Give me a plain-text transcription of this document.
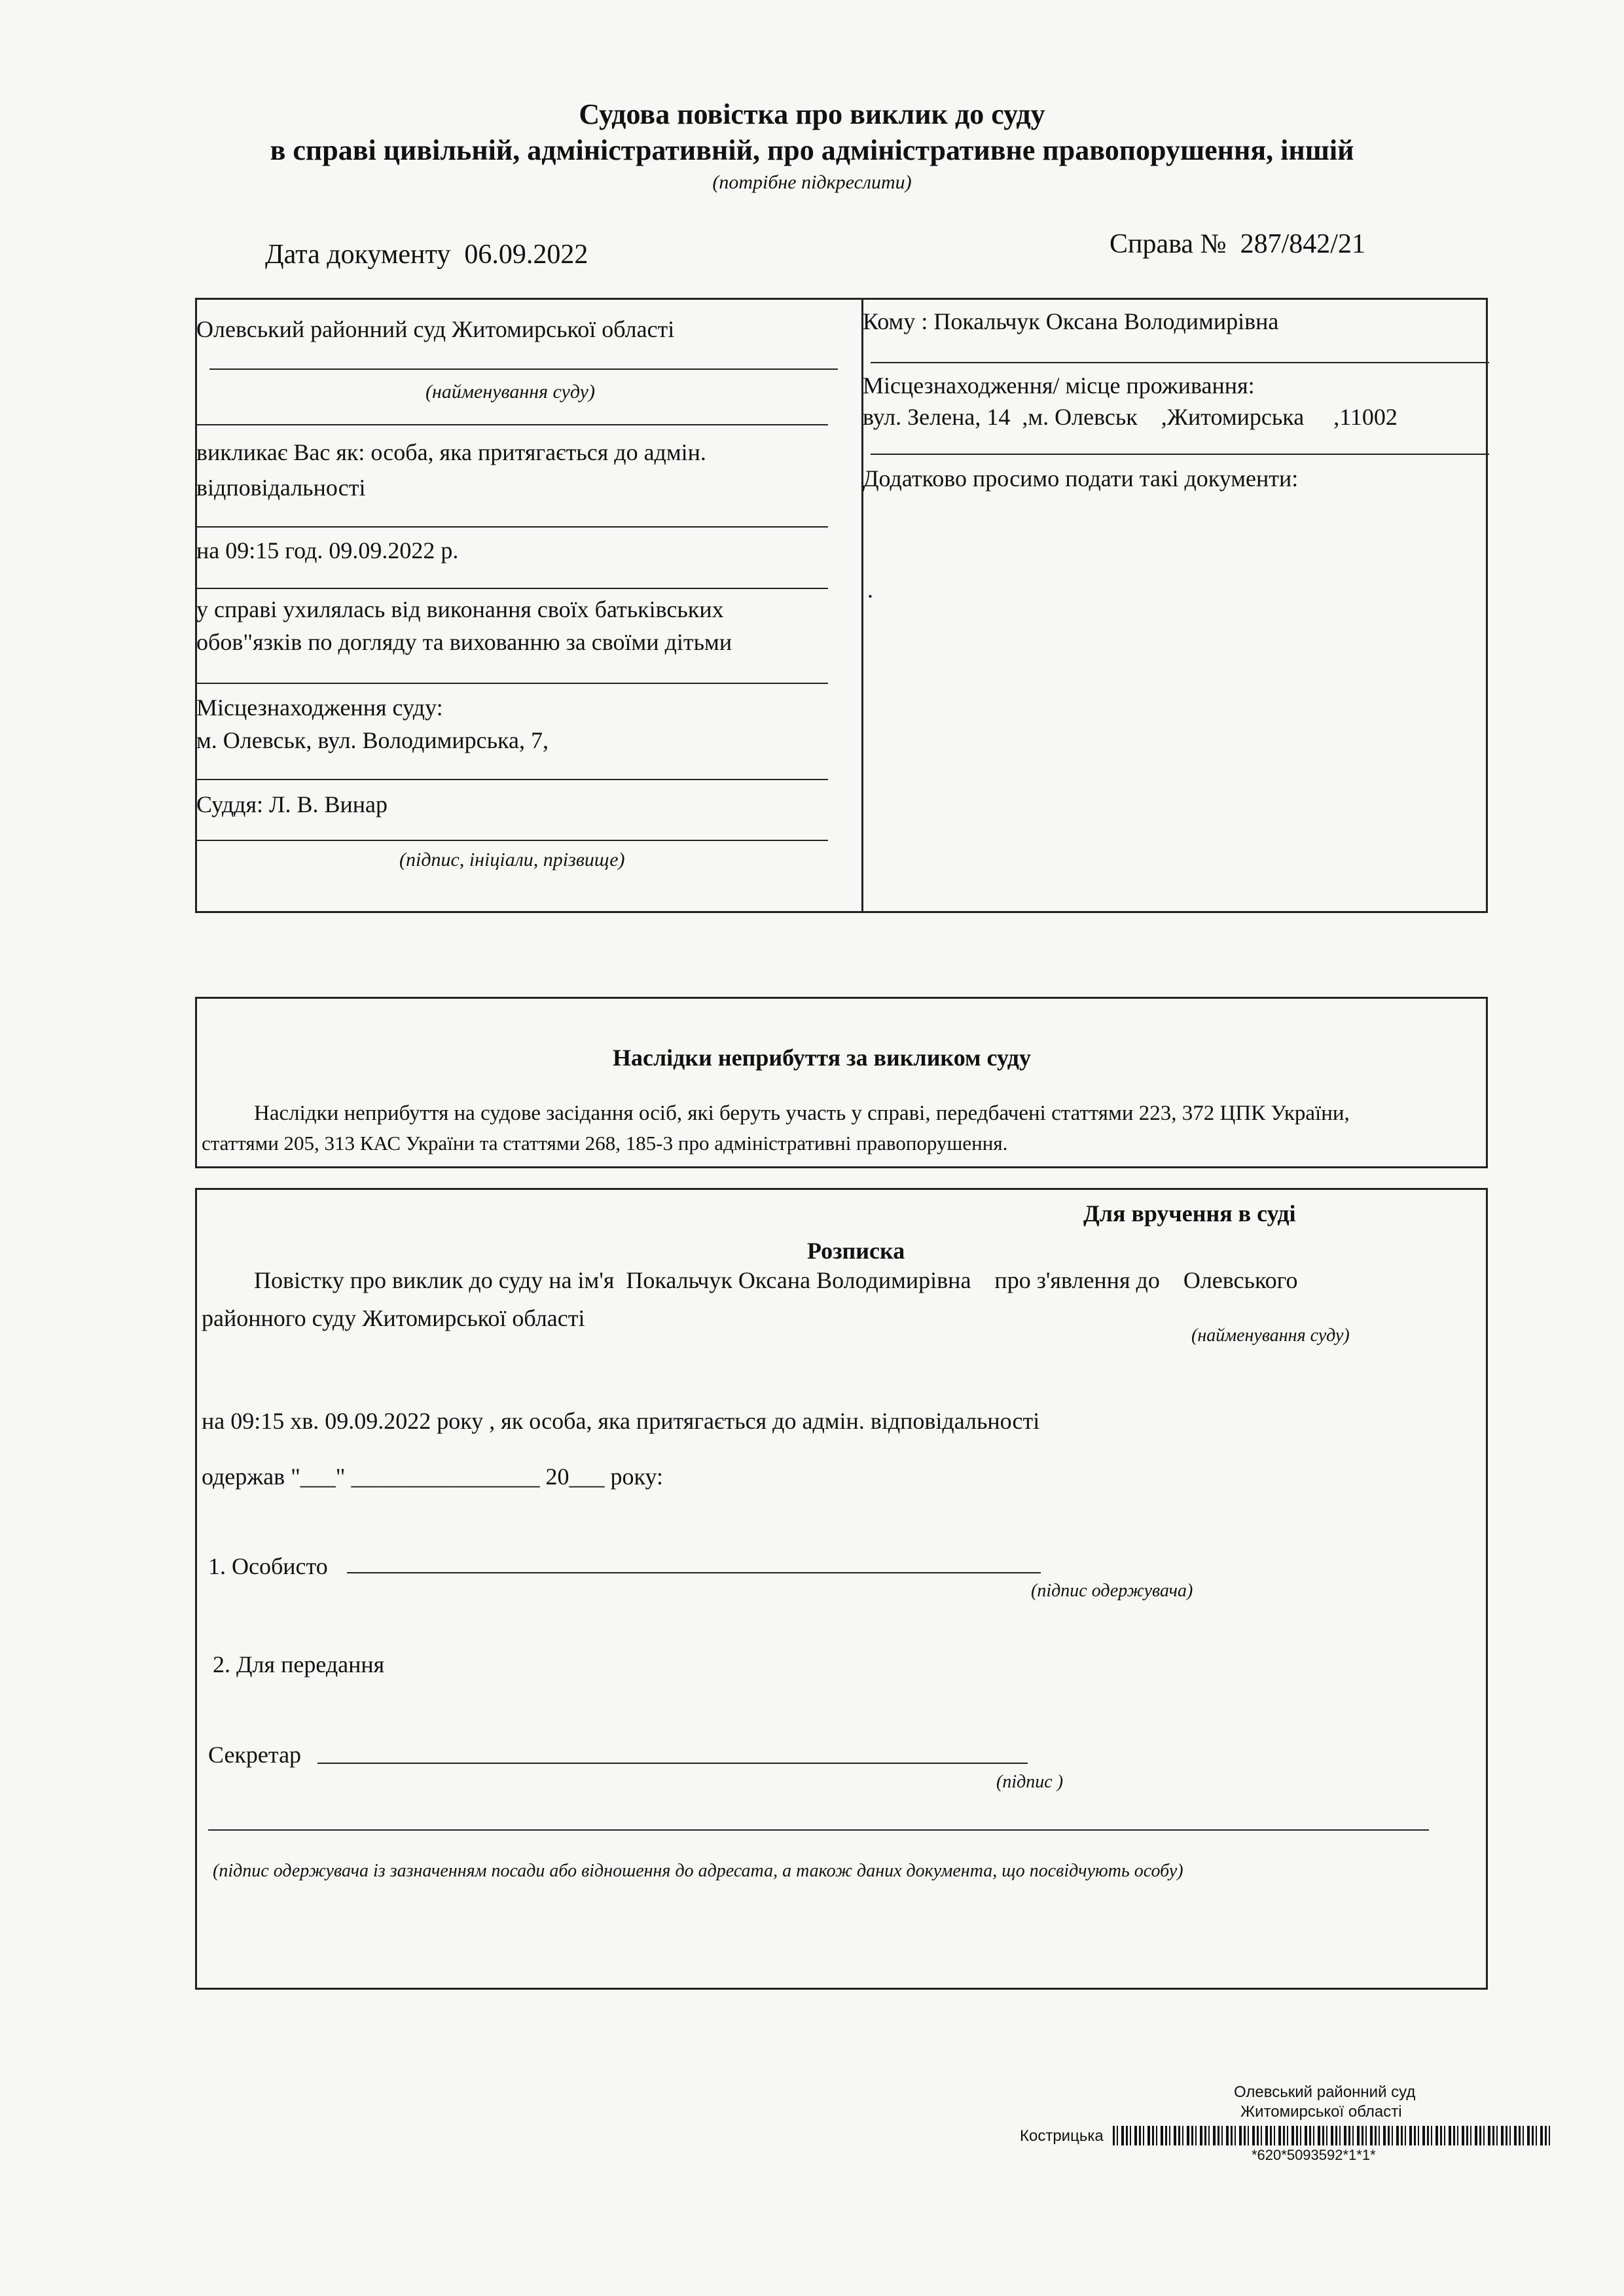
Судова повістка про виклик до суду
в справі цивільній, адміністративній, про адміністративне правопорушення, іншій
(потрібне підкреслити)
Дата документу 06.09.2022	Справа № 287/842/21
Олевський районний суд Житомирської області
(найменування суду)
викликає Вас як: особа, яка притягається до адмін.
відповідальності
на 09:15 год. 09.09.2022 р.
у справі ухилялась від виконання своїх батьківських
обов"язків по догляду та вихованню за своїми дітьми
Місцезнаходження суду:
м. Олевськ, вул. Володимирська, 7,
Суддя: Л. В. Винар
(підпис, ініціали, прізвище)
Кому : Покальчук Оксана Володимирівна
Місцезнаходження/ місце проживання:
вул. Зелена, 14 ,м. Олевськ ,Житомирська ,11002
Додатково просимо подати такі документи:
.
Наслідки неприбуття за викликом суду
Наслідки неприбуття на судове засідання осіб, які беруть участь у справі, передбачені статтями 223, 372 ЦПК України,
статтями 205, 313 КАС України та статтями 268, 185-3 про адміністративні правопорушення.
Для вручення в суді
Розписка
Повістку про виклик до суду на ім'я Покальчук Оксана Володимирівна про з'явлення до Олевського
районного суду Житомирської області
(найменування суду)
на 09:15 хв. 09.09.2022 року , як особа, яка притягається до адмін. відповідальності
одержав "___" ________________ 20___ року:
1. Особисто
(підпис одержувача)
2. Для передання
Секретар
(підпис )
(підпис одержувача із зазначенням посади або відношення до адресата, а також даних документа, що посвідчують особу)
Олевський районний суд
Житомирської області
Кострицька
*620*5093592*1*1*
